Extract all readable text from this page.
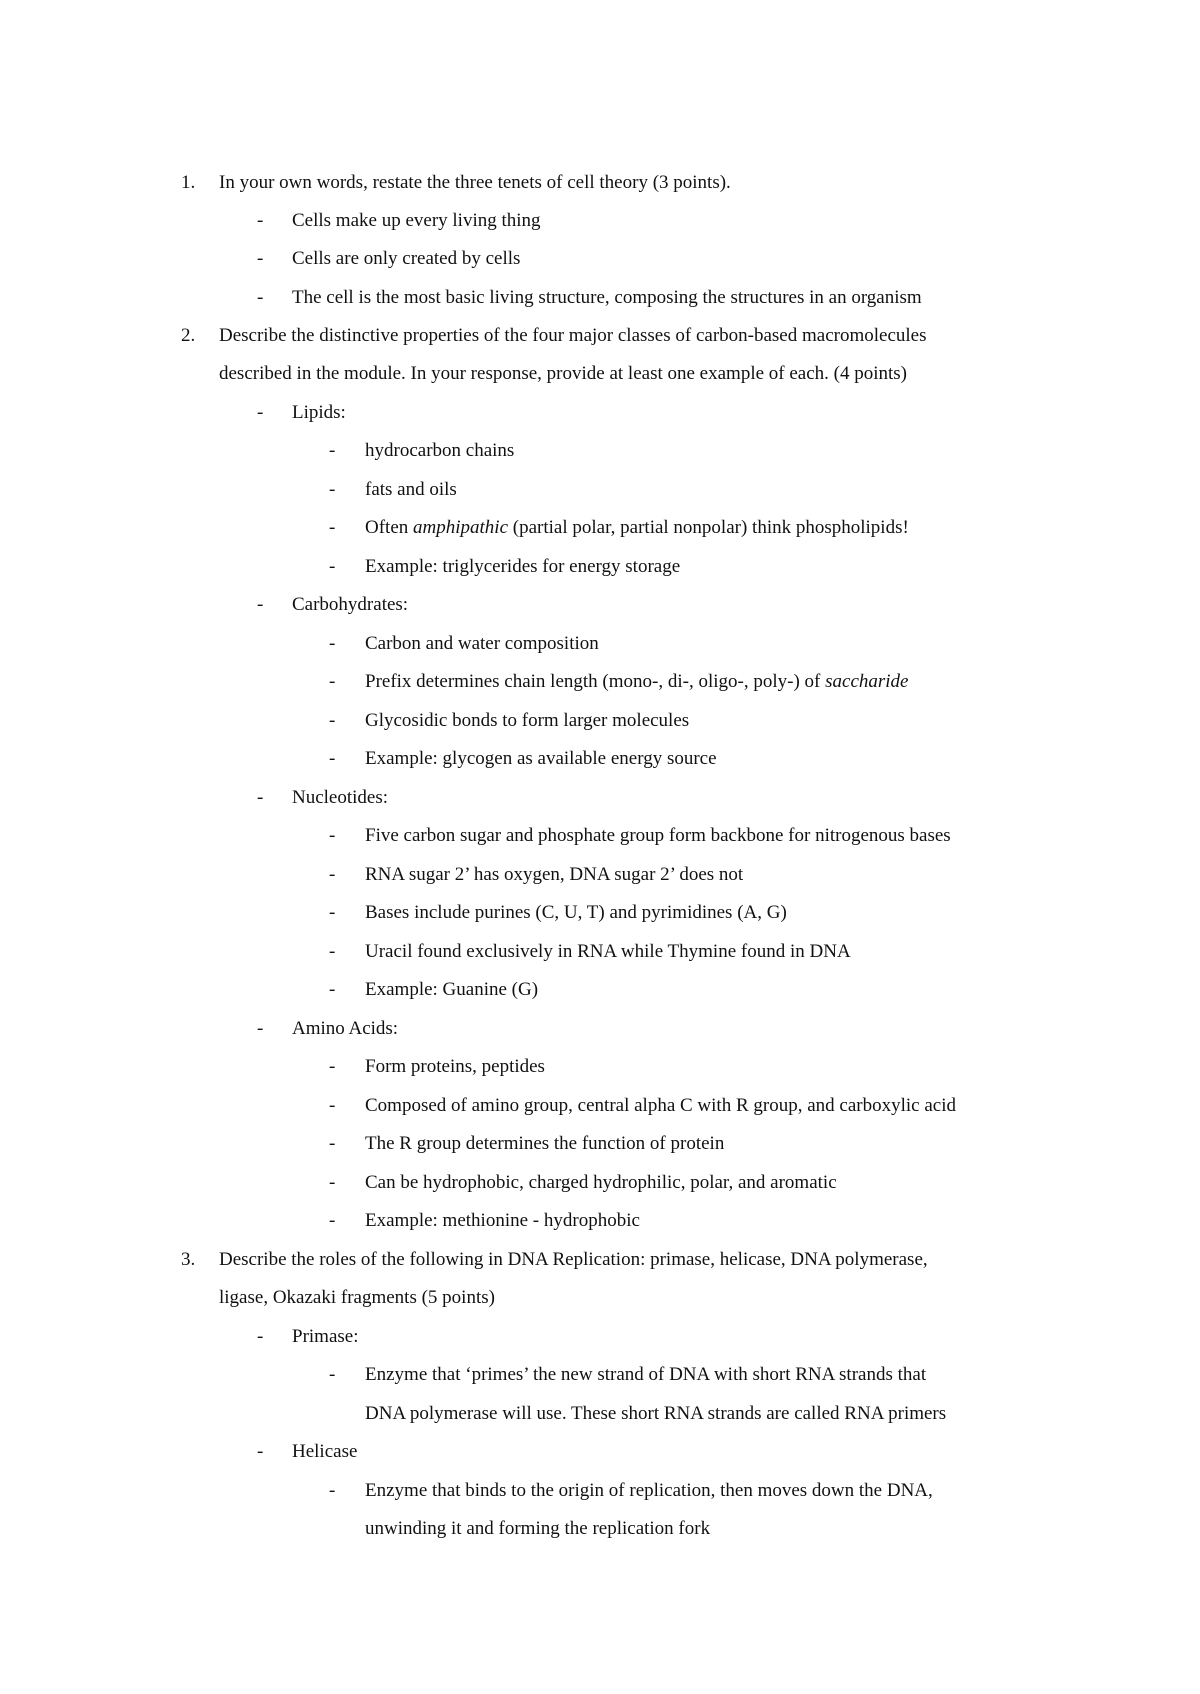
1.	In your own words, restate the three tenets of cell theory (3 points).
- Cells make up every living thing
- Cells are only created by cells
- The cell is the most basic living structure, composing the structures in an organism
2.	Describe the distinctive properties of the four major classes of carbon-based macromolecules
described in the module. In your response, provide at least one example of each. (4 points)
- Lipids:
- hydrocarbon chains
- fats and oils
- Often amphipathic (partial polar, partial nonpolar) think phospholipids!
- Example: triglycerides for energy storage
- Carbohydrates:
- Carbon and water composition
- Prefix determines chain length (mono-, di-, oligo-, poly-) of saccharide
- Glycosidic bonds to form larger molecules
- Example: glycogen as available energy source
- Nucleotides:
- Five carbon sugar and phosphate group form backbone for nitrogenous bases
- RNA sugar 2’ has oxygen, DNA sugar 2’ does not
- Bases include purines (C, U, T) and pyrimidines (A, G)
- Uracil found exclusively in RNA while Thymine found in DNA
- Example: Guanine (G)
- Amino Acids:
- Form proteins, peptides
- Composed of amino group, central alpha C with R group, and carboxylic acid
- The R group determines the function of protein
- Can be hydrophobic, charged hydrophilic, polar, and aromatic
- Example: methionine - hydrophobic
3.	Describe the roles of the following in DNA Replication: primase, helicase, DNA polymerase,
ligase, Okazaki fragments (5 points)
- Primase:
- Enzyme that ‘primes’ the new strand of DNA with short RNA strands that
DNA polymerase will use. These short RNA strands are called RNA primers
- Helicase
- Enzyme that binds to the origin of replication, then moves down the DNA,
unwinding it and forming the replication fork
